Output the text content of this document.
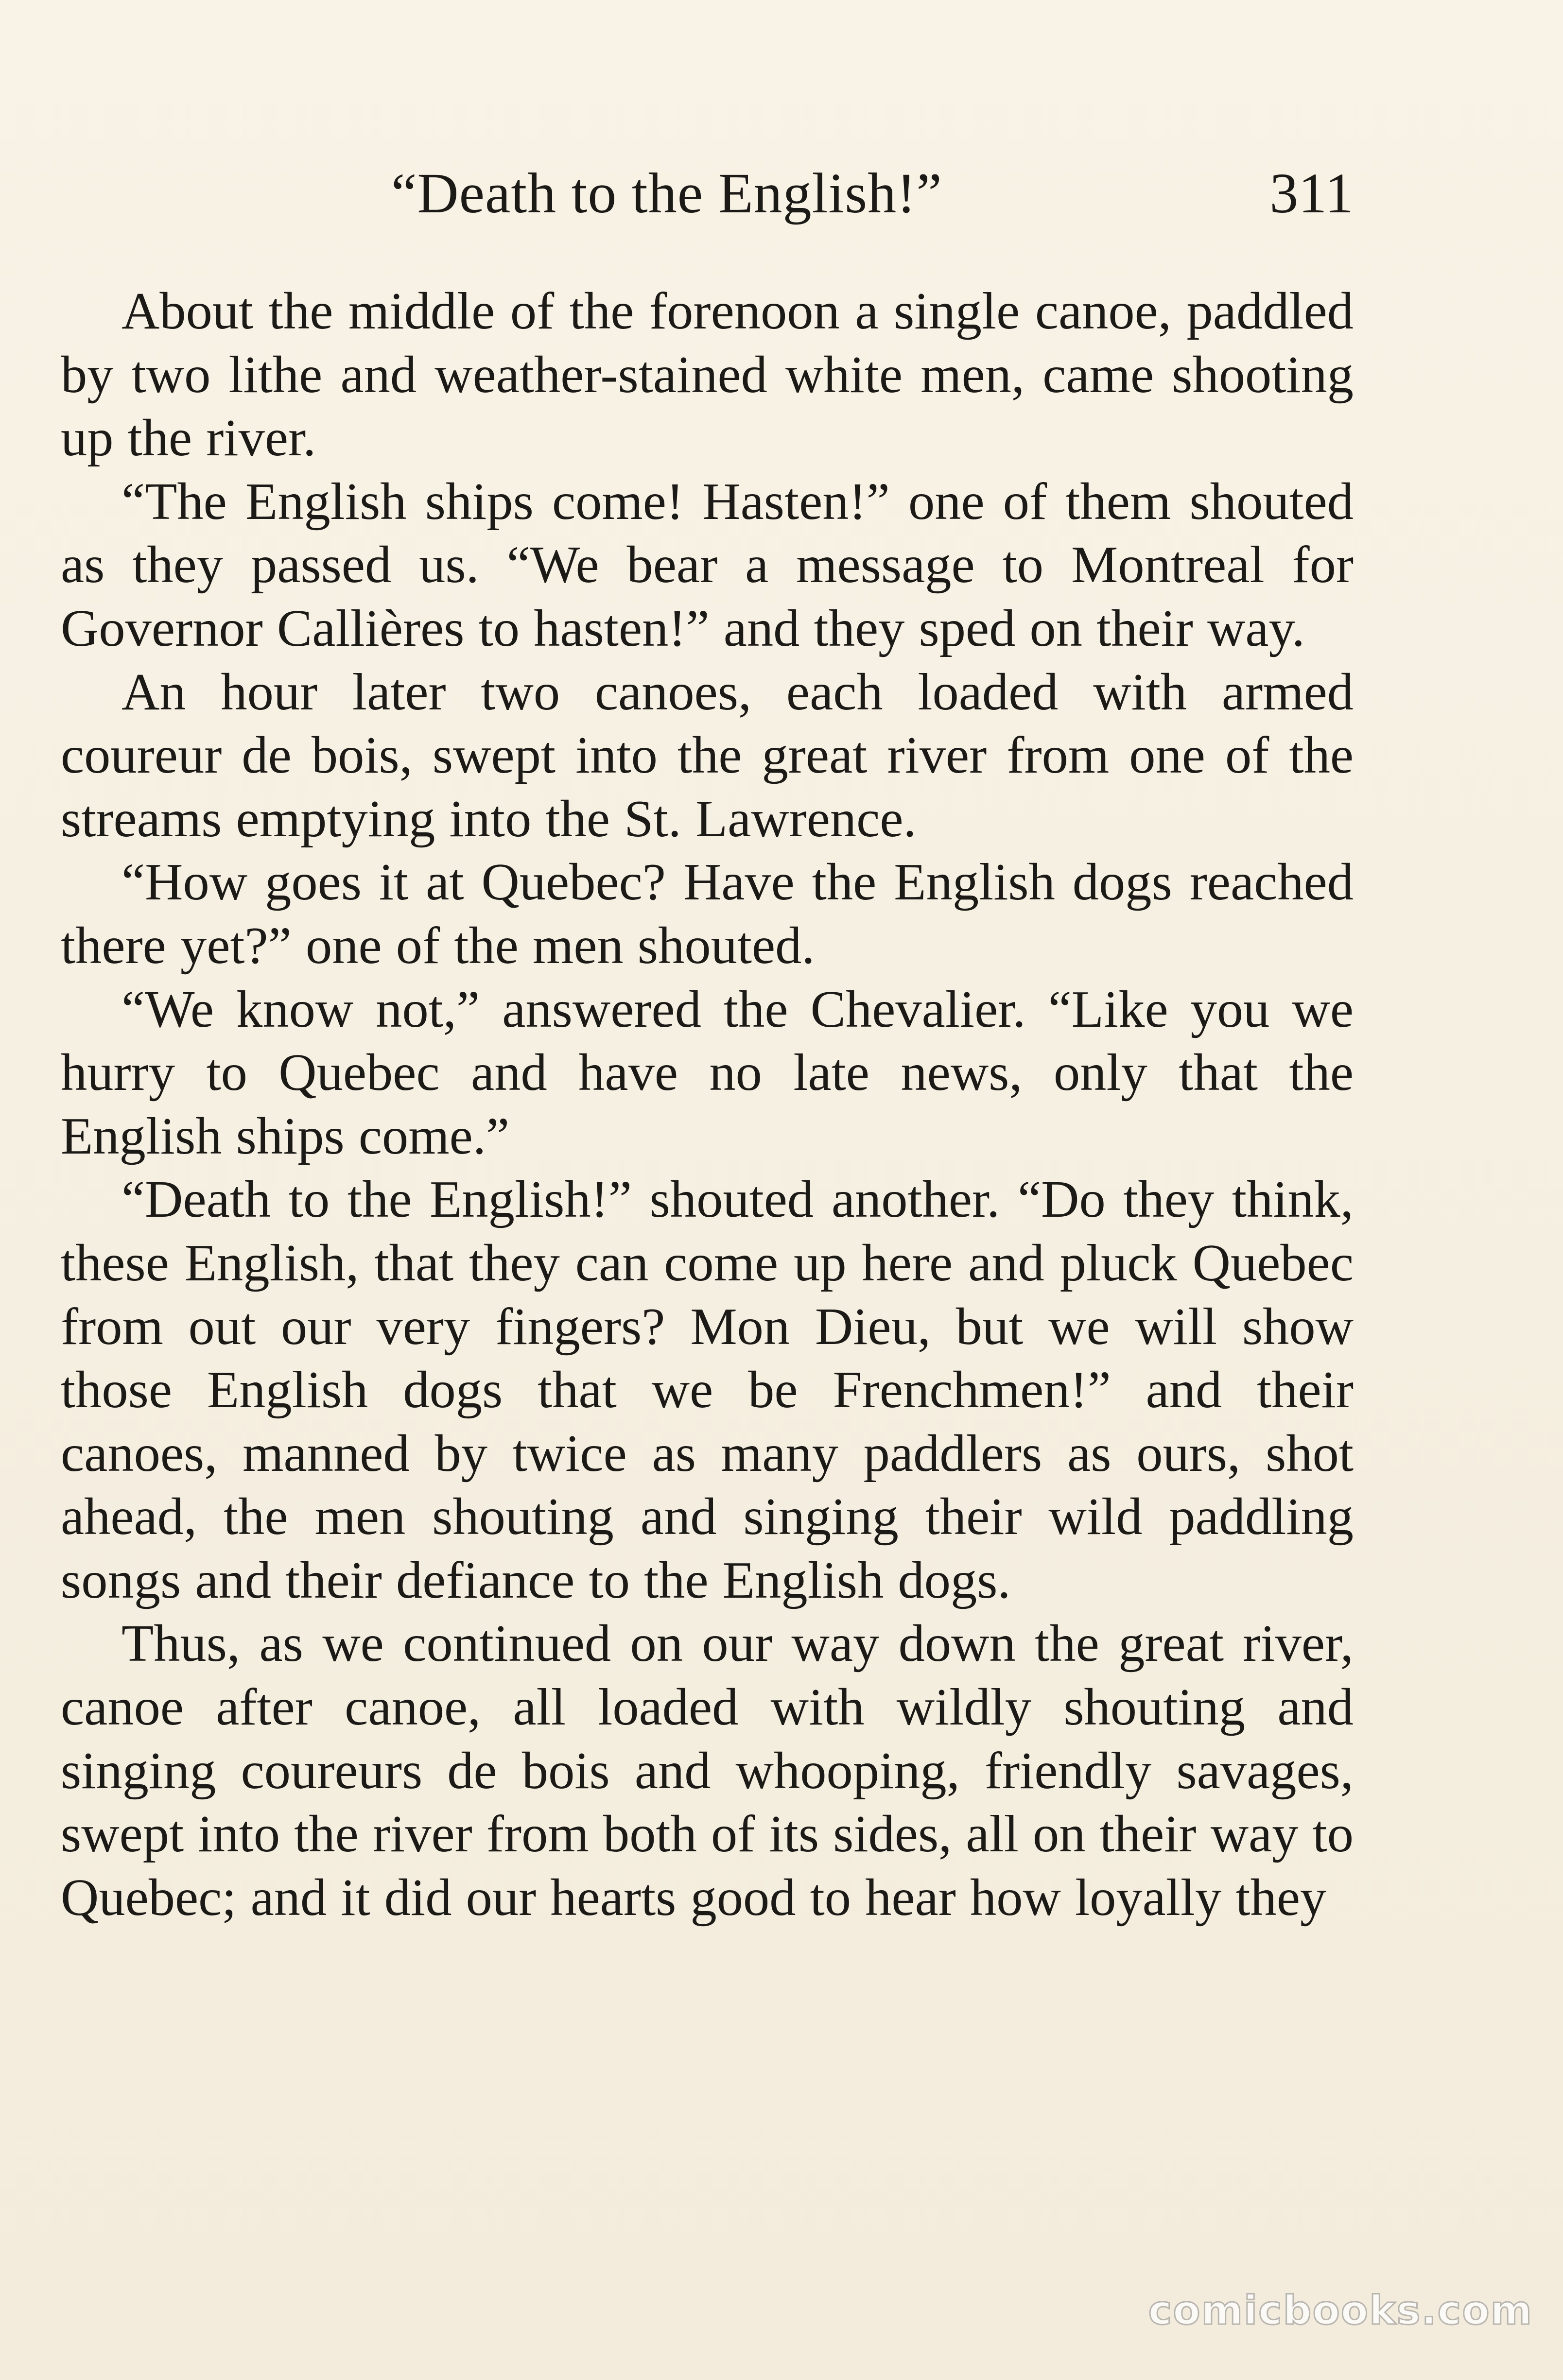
“Death to the English!”	311

About the middle of the forenoon a single canoe, paddled by two lithe and weather-stained white men, came shooting up the river.

“The English ships come! Hasten!” one of them shouted as they passed us. “We bear a message to Montreal for Governor Callières to hasten!” and they sped on their way.

An hour later two canoes, each loaded with armed coureur de bois, swept into the great river from one of the streams emptying into the St. Lawrence.

“How goes it at Quebec? Have the English dogs reached there yet?” one of the men shouted.

“We know not,” answered the Chevalier. “Like you we hurry to Quebec and have no late news, only that the English ships come.”

“Death to the English!” shouted another. “Do they think, these English, that they can come up here and pluck Quebec from out our very fingers? Mon Dieu, but we will show those English dogs that we be Frenchmen!” and their canoes, manned by twice as many paddlers as ours, shot ahead, the men shouting and singing their wild paddling songs and their defiance to the English dogs.

Thus, as we continued on our way down the great river, canoe after canoe, all loaded with wildly shouting and singing coureurs de bois and whooping, friendly savages, swept into the river from both of its sides, all on their way to Quebec; and it did our hearts good to hear how loyally they

comicbooks.com
